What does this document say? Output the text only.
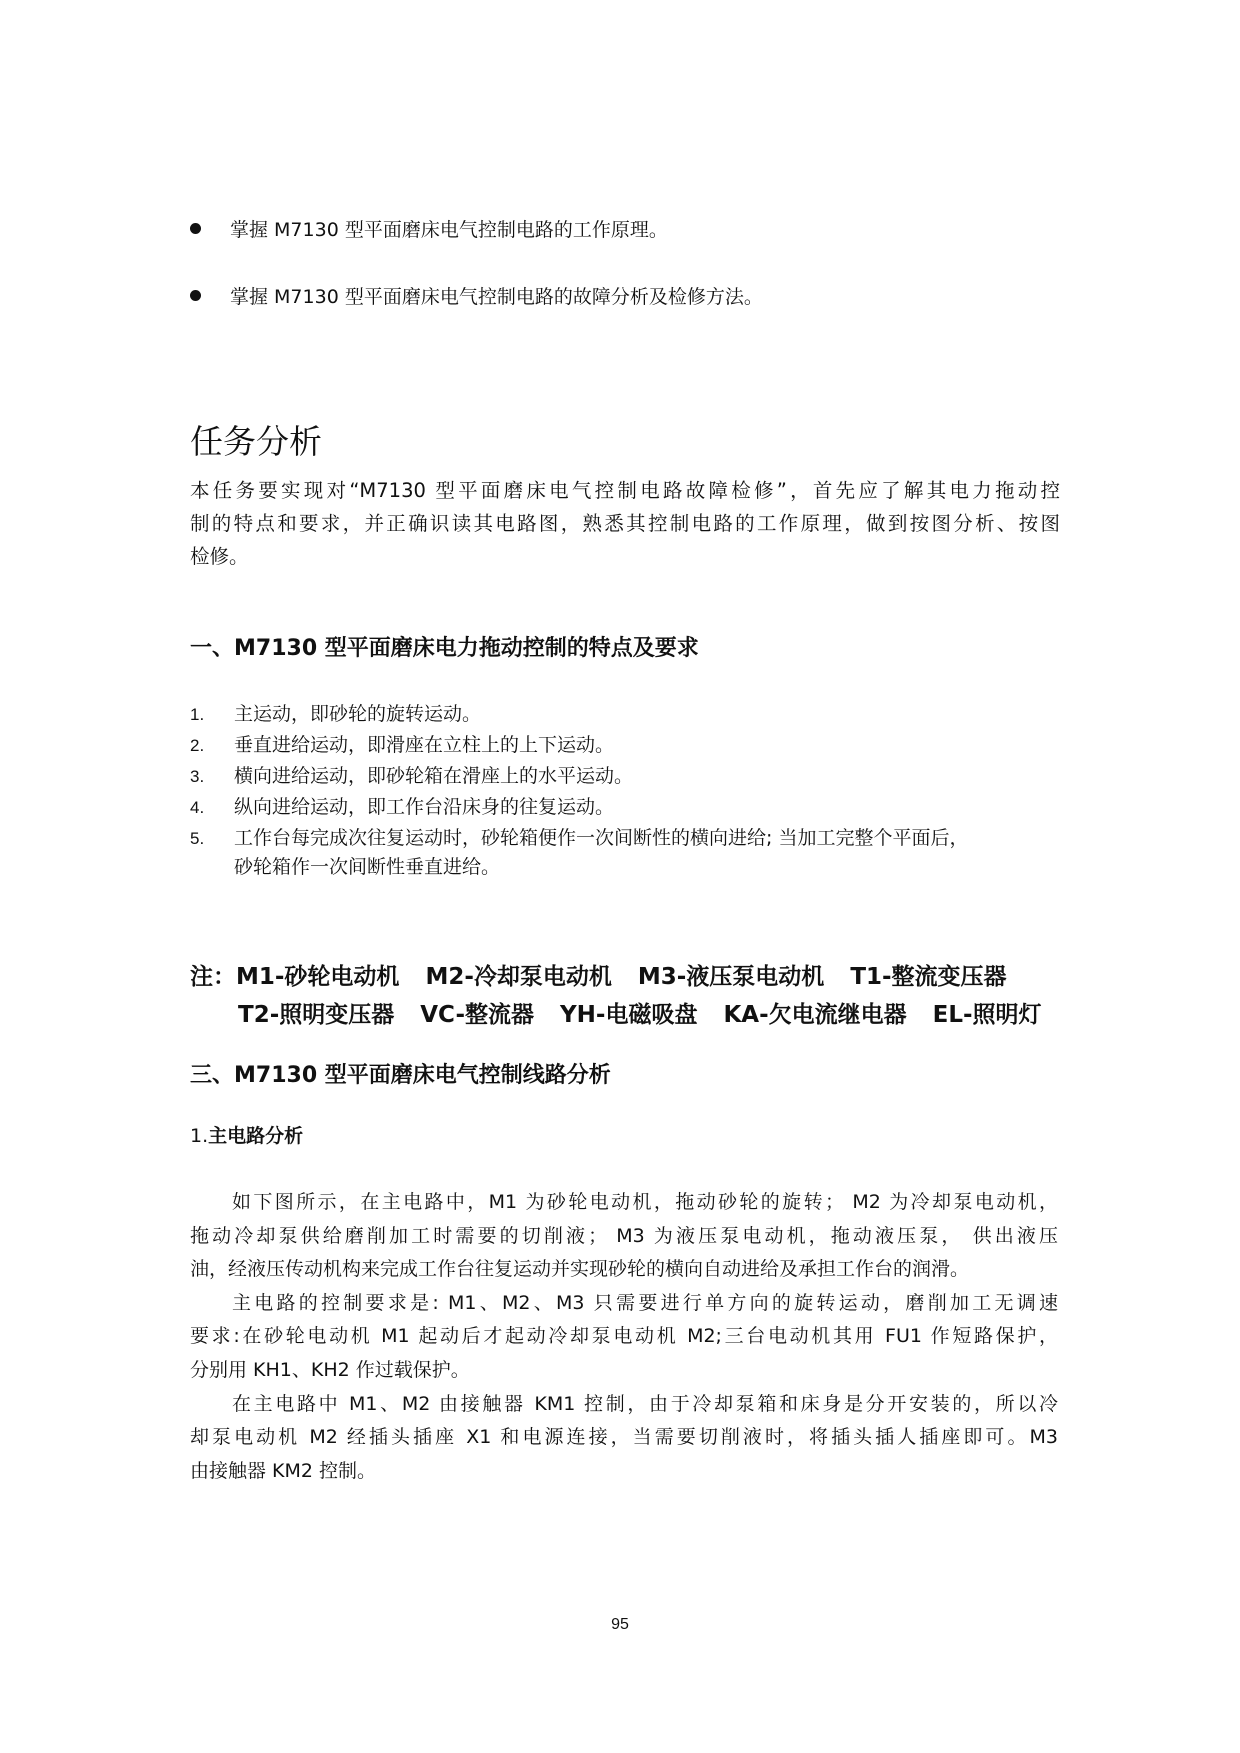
掌握 M7130 型平面磨床电气控制电路的工作原理。
掌握 M7130 型平面磨床电气控制电路的故障分析及检修方法。
任务分析
本任务要实现对“M7130 型平面磨床电气控制电路故障检修”，首先应了解其电力拖动控
制的特点和要求，并正确识读其电路图，熟悉其控制电路的工作原理，做到按图分析、按图
检修。
一、M7130 型平面磨床电力拖动控制的特点及要求
1. 主运动，即砂轮的旋转运动。
2. 垂直进给运动，即滑座在立柱上的上下运动。
3. 横向进给运动，即砂轮箱在滑座上的水平运动。
4. 纵向进给运动，即工作台沿床身的往复运动。
5. 工作台每完成次往复运动时，砂轮箱便作一次间断性的横向进给; 当加工完整个平面后，
砂轮箱作一次间断性垂直进给。
注：M1-砂轮电动机 M2-冷却泵电动机 M3-液压泵电动机 T1-整流变压器
T2-照明变压器 VC-整流器 YH-电磁吸盘 KA-欠电流继电器 EL-照明灯
三、M7130 型平面磨床电气控制线路分析
1.主电路分析
如下图所示，在主电路中，M1 为砂轮电动机，拖动砂轮的旋转； M2 为冷却泵电动机，
拖动冷却泵供给磨削加工时需要的切削液； M3 为液压泵电动机，拖动液压泵， 供出液压
油，经液压传动机构来完成工作台往复运动并实现砂轮的横向自动进给及承担工作台的润滑。
主电路的控制要求是: M1、M2、M3 只需要进行单方向的旋转运动，磨削加工无调速
要求:在砂轮电动机 M1 起动后才起动冷却泵电动机 M2;三台电动机其用 FU1 作短路保护，
分别用 KH1、KH2 作过载保护。
在主电路中 M1、M2 由接触器 KM1 控制，由于冷却泵箱和床身是分开安装的，所以冷
却泵电动机 M2 经插头插座 X1 和电源连接，当需要切削液时，将插头插人插座即可。M3
由接触器 KM2 控制。
95
